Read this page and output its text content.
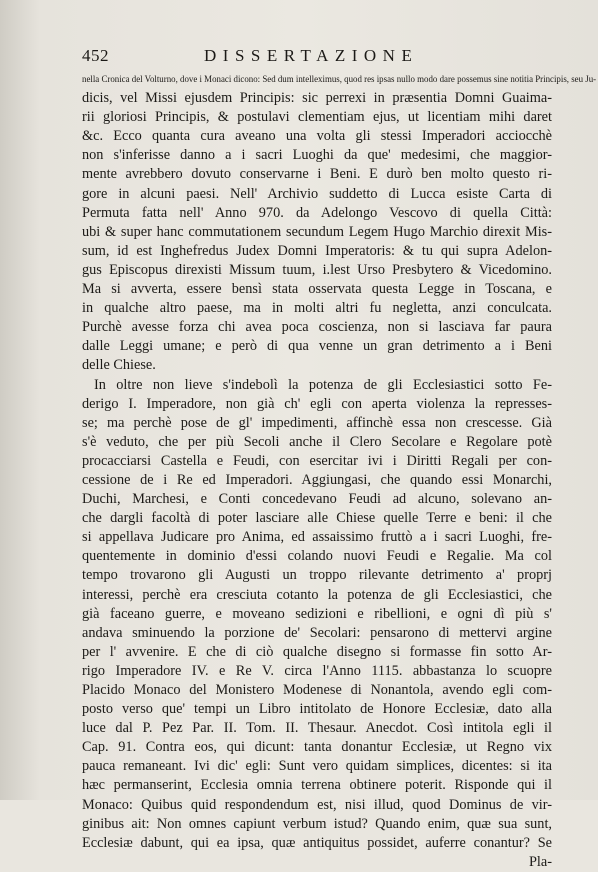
452	DISSERTAZIONE
nella Cronica del Volturno, dove i Monaci dicono: Sed dum intelleximus, quod res ipsas nullo modo dare possemus sine notitia Principis, seu Ju-
dicis, vel Missi ejusdem Principis: sic perrexi in præsentia Domni Guaima-
rii gloriosi Principis, & postulavi clementiam ejus, ut licentiam mihi daret
&c. Ecco quanta cura aveano una volta gli stessi Imperadori acciocchè
non s'inferisse danno a i sacri Luoghi da que' medesimi, che maggior-
mente avrebbero dovuto conservarne i Beni. E durò ben molto questo ri-
gore in alcuni paesi. Nell' Archivio suddetto di Lucca esiste Carta di
Permuta fatta nell' Anno 970. da Adelongo Vescovo di quella Città:
ubi & super hanc commutationem secundum Legem Hugo Marchio direxit Mis-
sum, id est Inghefredus Judex Domni Imperatoris: & tu qui supra Adelon-
gus Episcopus direxisti Missum tuum, i.lest Urso Presbytero & Vicedomino.
Ma si avverta, essere bensì stata osservata questa Legge in Toscana, e
in qualche altro paese, ma in molti altri fu negletta, anzi conculcata.
Purchè avesse forza chi avea poca coscienza, non si lasciava far paura
dalle Leggi umane; e però di qua venne un gran detrimento a i Beni
delle Chiese.
In oltre non lieve s'indebolì la potenza de gli Ecclesiastici sotto Fe-
derigo I. Imperadore, non già ch' egli con aperta violenza la represses-
se; ma perchè pose de gl' impedimenti, affinchè essa non crescesse. Già
s'è veduto, che per più Secoli anche il Clero Secolare e Regolare potè
procacciarsi Castella e Feudi, con esercitar ivi i Diritti Regali per con-
cessione de i Re ed Imperadori. Aggiungasi, che quando essi Monarchi,
Duchi, Marchesi, e Conti concedevano Feudi ad alcuno, solevano an-
che dargli facoltà di poter lasciare alle Chiese quelle Terre e beni: il che
si appellava Judicare pro Anima, ed assaissimo fruttò a i sacri Luoghi, fre-
quentemente in dominio d'essi colando nuovi Feudi e Regalie. Ma col
tempo trovarono gli Augusti un troppo rilevante detrimento a' proprj
interessi, perchè era cresciuta cotanto la potenza de gli Ecclesiastici, che
già faceano guerre, e moveano sedizioni e ribellioni, e ogni dì più s'
andava sminuendo la porzione de' Secolari: pensarono di mettervi argine
per l' avvenire. E che di ciò qualche disegno si formasse fin sotto Ar-
rigo Imperadore IV. e Re V. circa l'Anno 1115. abbastanza lo scuopre
Placido Monaco del Monistero Modenese di Nonantola, avendo egli com-
posto verso que' tempi un Libro intitolato de Honore Ecclesiæ, dato alla
luce dal P. Pez Par. II. Tom. II. Thesaur. Anecdot. Così intitola egli il
Cap. 91. Contra eos, qui dicunt: tanta donantur Ecclesiæ, ut Regno vix
pauca remaneant. Ivi dic' egli: Sunt vero quidam simplices, dicentes: si ita
hæc permanserint, Ecclesia omnia terrena obtinere poterit. Risponde qui il
Monaco: Quibus quid respondendum est, nisi illud, quod Dominus de vir-
ginibus ait: Non omnes capiunt verbum istud? Quando enim, quæ sua sunt,
Ecclesiæ dabunt, qui ea ipsa, quæ antiquitus possidet, auferre conantur? Se
Pla-
